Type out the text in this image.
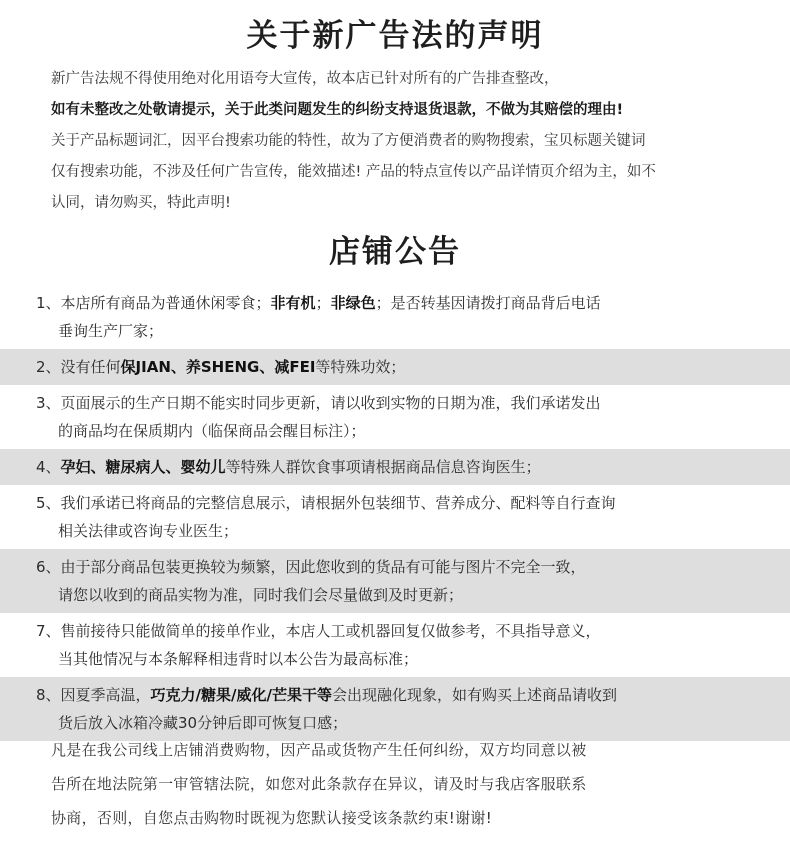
关于新广告法的声明
新广告法规不得使用绝对化用语夸大宣传，故本店已针对所有的广告排查整改，
如有未整改之处敬请提示，关于此类问题发生的纠纷支持退货退款，不做为其赔偿的理由!
关于产品标题词汇，因平台搜索功能的特性，故为了方便消费者的购物搜索，宝贝标题关键词
仅有搜索功能，不涉及任何广告宣传，能效描述! 产品的特点宣传以产品详情页介绍为主，如不
认同，请勿购买，特此声明!
店铺公告
1、本店所有商品为普通休闲零食；非有机；非绿色；是否转基因请拨打商品背后电话
垂询生产厂家；
2、没有任何保JIAN、养SHENG、减FEI等特殊功效；
3、页面展示的生产日期不能实时同步更新，请以收到实物的日期为准，我们承诺发出
的商品均在保质期内（临保商品会醒目标注）；
4、孕妇、糖尿病人、婴幼儿等特殊人群饮食事项请根据商品信息咨询医生；
5、我们承诺已将商品的完整信息展示，请根据外包装细节、营养成分、配料等自行查询
相关法律或咨询专业医生；
6、由于部分商品包装更换较为频繁，因此您收到的货品有可能与图片不完全一致，
请您以收到的商品实物为准，同时我们会尽量做到及时更新；
7、售前接待只能做简单的接单作业，本店人工或机器回复仅做参考，不具指导意义，
当其他情况与本条解释相违背时以本公告为最高标准；
8、因夏季高温，巧克力/糖果/威化/芒果干等会出现融化现象，如有购买上述商品请收到
货后放入冰箱冷藏30分钟后即可恢复口感；
凡是在我公司线上店铺消费购物，因产品或货物产生任何纠纷，双方均同意以被
告所在地法院第一审管辖法院，如您对此条款存在异议，请及时与我店客服联系
协商，否则，自您点击购物时既视为您默认接受该条款约束!谢谢!
